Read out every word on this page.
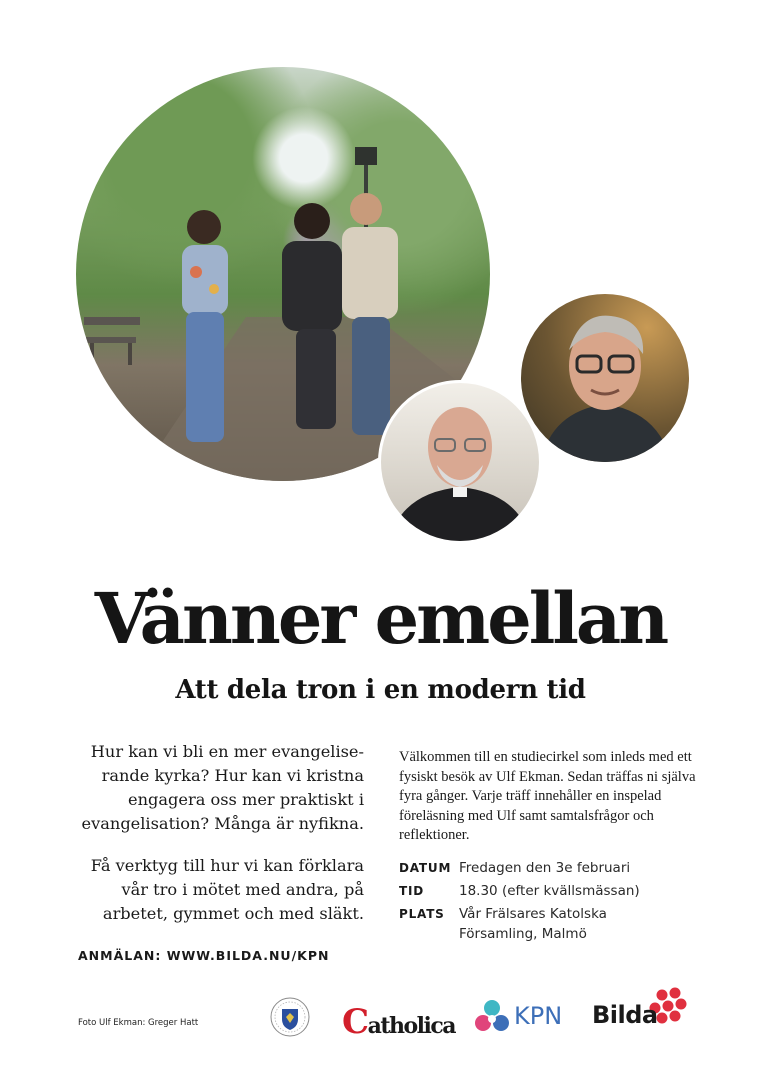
Vänner emellan
Att dela tron i en modern tid

Hur kan vi bli en mer evangelise-rande kyrka? Hur kan vi kristna engagera oss mer praktiskt i evangelisation? Många är nyfikna.

Få verktyg till hur vi kan förklara vår tro i mötet med andra, på arbetet, gymmet och med släkt.

ANMÄLAN: WWW.BILDA.NU/KPN

Välkommen till en studiecirkel som inleds med ett fysiskt besök av Ulf Ekman. Sedan träffas ni själva fyra gånger. Varje träff innehåller en inspelad föreläsning med Ulf samt samtalsfrågor och reflektioner.

DATUM Fredagen den 3e februari
TID	18.30 (efter kvällsmässan)
PLATS	Vår Frälsares Katolska
Församling, Malmö
Foto Ulf Ekman: Greger Hatt	Catholica KPN Bilda
